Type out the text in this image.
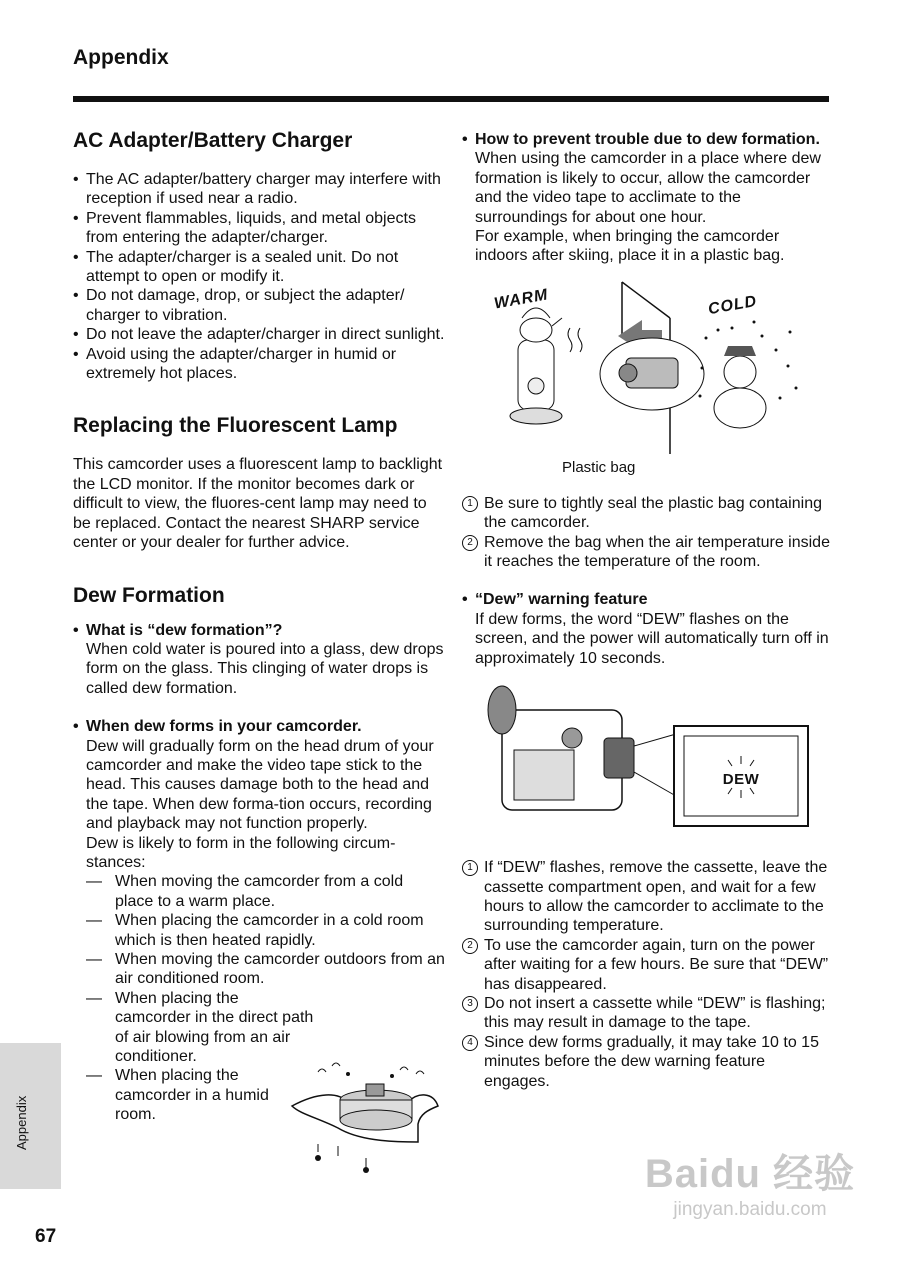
Appendix
AC Adapter/Battery Charger
• The AC adapter/battery charger may interfere with reception if used near a radio.
• Prevent flammables, liquids, and metal objects from entering the adapter/charger.
• The adapter/charger is a sealed unit. Do not attempt to open or modify it.
• Do not damage, drop, or subject the adapter/ charger to vibration.
• Do not leave the adapter/charger in direct sunlight.
• Avoid using the adapter/charger in humid or extremely hot places.
Replacing the Fluorescent Lamp

This camcorder uses a fluorescent lamp to backlight the LCD monitor. If the monitor becomes dark or difficult to view, the fluores-cent lamp may need to be replaced. Contact the nearest SHARP service center or your dealer for further advice.

Dew Formation
• What is “dew formation”?

When cold water is poured into a glass, dew drops form on the glass. This clinging of water drops is called dew formation.

• When dew forms in your camcorder.

Dew will gradually form on the head drum of your camcorder and make the video tape stick to the head. This causes damage both to the head and the tape. When dew forma-tion occurs, recording and playback may not function properly.

Dew is likely to form in the following circum-stances:

— When moving the camcorder from a cold place to a warm place.
— When placing the camcorder in a cold room which is then heated rapidly.
— When moving the camcorder outdoors from an air conditioned room.
— When placing the camcorder in the direct path of air blowing from an air conditioner.
— When placing the camcorder in a humid room.
• How to prevent trouble due to dew formation.

When using the camcorder in a place where dew formation is likely to occur, allow the camcorder and the video tape to acclimate to the surroundings for about one hour.

For example, when bringing the camcorder indoors after skiing, place it in a plastic bag.

WARM	COLD
Plastic bag
1 Be sure to tightly seal the plastic bag containing the camcorder.
2 Remove the bag when the air temperature inside it reaches the temperature of the room.
• “Dew” warning feature

If dew forms, the word “DEW” flashes on the screen, and the power will automatically turn off in approximately 10 seconds.

DEW
1 If “DEW” flashes, remove the cassette, leave the cassette compartment open, and wait for a few hours to allow the camcorder to acclimate to the surrounding temperature.
2 To use the camcorder again, turn on the power after waiting for a few hours. Be sure that “DEW” has disappeared.
3 Do not insert a cassette while “DEW” is flashing; this may result in damage to the tape.
4 Since dew forms gradually, it may take 10 to 15 minutes before the dew warning feature engages.
Appendix
67
Baidu 经验
jingyan.baidu.com
